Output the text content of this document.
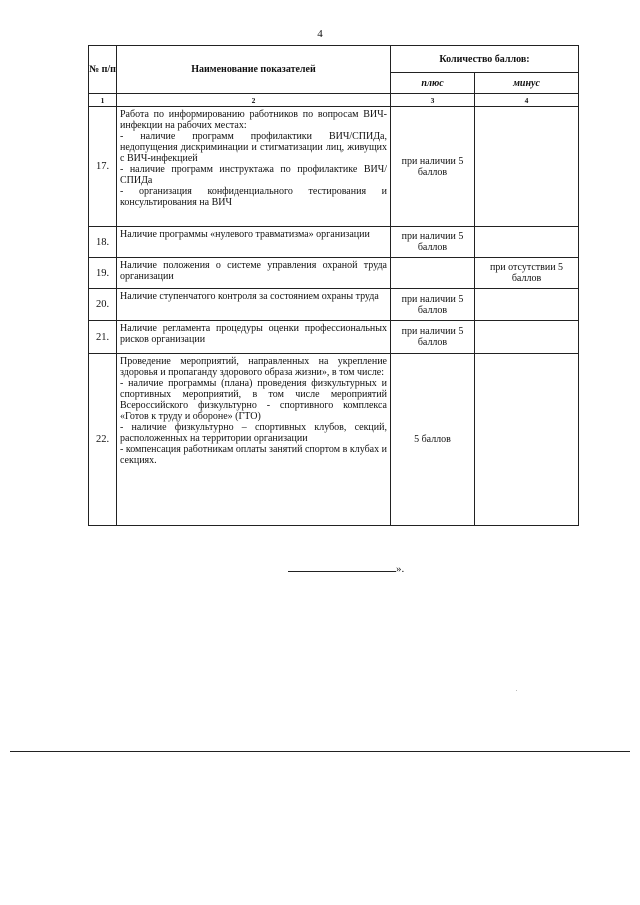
4
№ п/п	Наименование показателей	Количество баллов:	
		плюс	минус
1	2	3	4
17.	Работа по информированию работников по вопросам ВИЧ-инфекции на рабочих местах:

- наличие программ профилактики ВИЧ/СПИДа, недопущения дискриминации и стигматизации лиц, живущих с ВИЧ-инфекцией

- наличие программ инструктажа по профилактике ВИЧ/СПИДа

- организация конфиденциального тестирования и консультирования на ВИЧ	при наличии 5 баллов	
18.	Наличие программы «нулевого травматизма» организации	при наличии 5 баллов	
19.	Наличие положения о системе управления охраной труда организации		при отсутствии 5 баллов
20.	Наличие ступенчатого контроля за состоянием охраны труда	при наличии 5 баллов	
21.	Наличие регламента процедуры оценки профессиональных рисков организации	при наличии 5 баллов	
22.	Проведение мероприятий, направленных на укрепление здоровья и пропаганду здорового образа жизни», в том числе:

- наличие программы (плана) проведения физкультурных и спортивных мероприятий, в том числе мероприятий Всероссийского физкультурно - спортивного комплекса «Готов к труду и обороне» (ГТО)

- наличие физкультурно – спортивных клубов, секций, расположенных на территории организации

- компенсация работникам оплаты занятий спортом в клубах и секциях.	5 баллов	
».
